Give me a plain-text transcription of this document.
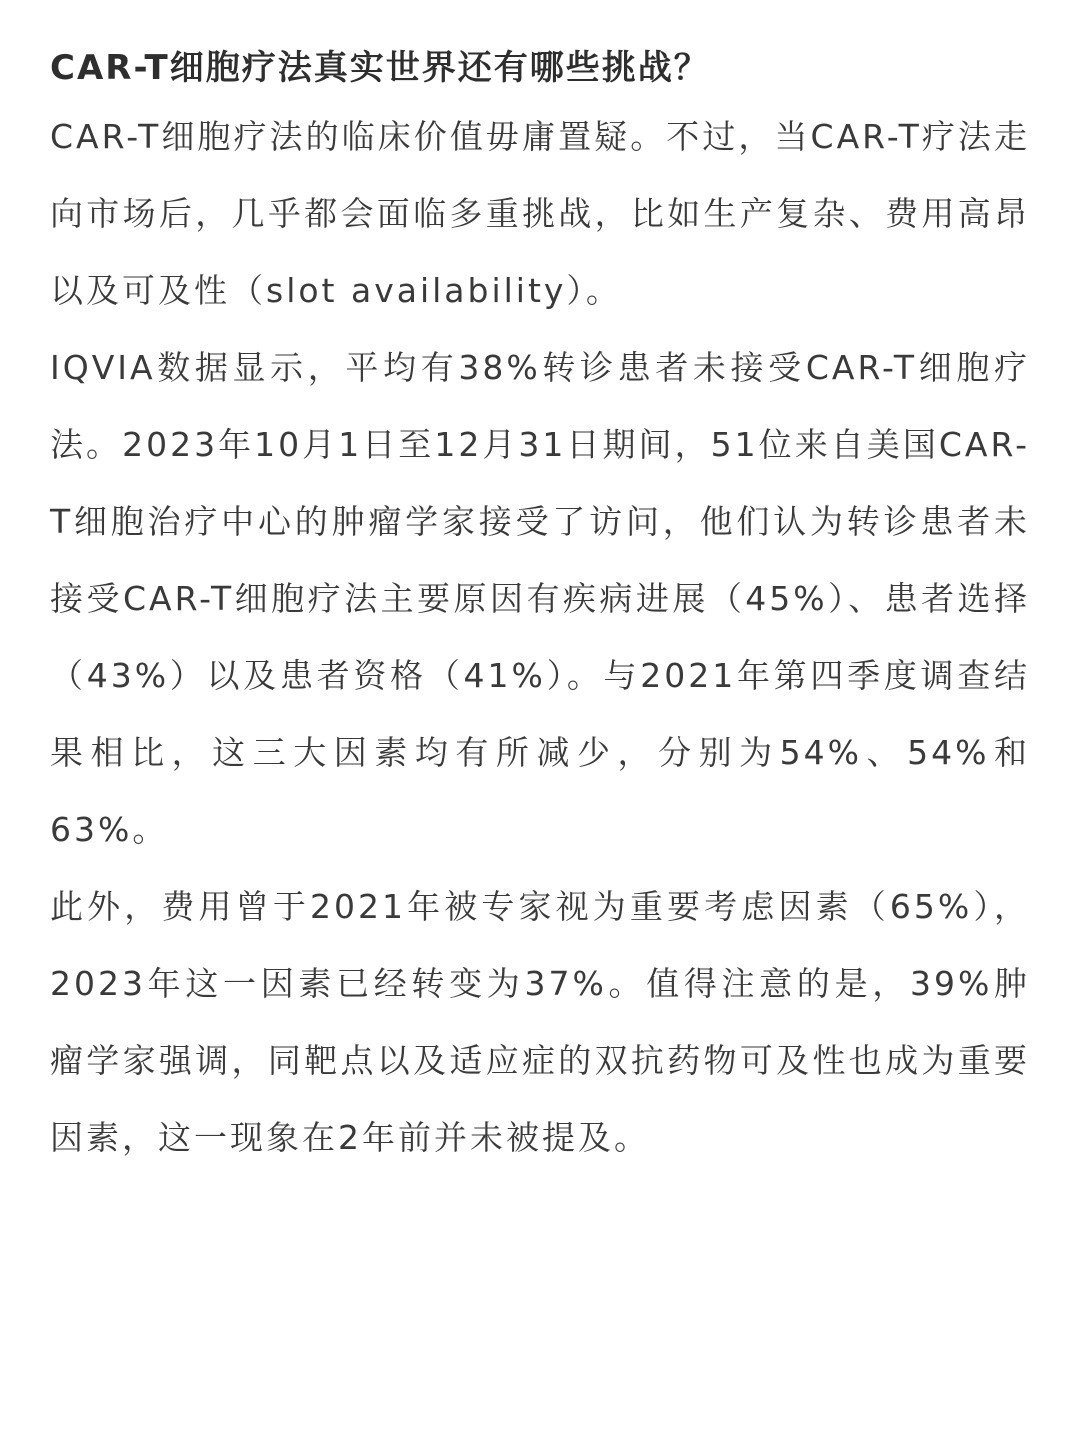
CAR-T细胞疗法真实世界还有哪些挑战？

CAR-T细胞疗法的临床价值毋庸置疑。不过，当CAR-T疗法走向市场后，几乎都会面临多重挑战，比如生产复杂、费用高昂以及可及性（slot availability）。

IQVIA数据显示，平均有38%转诊患者未接受CAR-T细胞疗法。2023年10月1日至12月31日期间，51位来自美国CAR-T细胞治疗中心的肿瘤学家接受了访问，他们认为转诊患者未接受CAR-T细胞疗法主要原因有疾病进展（45%）、患者选择（43%）以及患者资格（41%）。与2021年第四季度调查结果相比，这三大因素均有所减少，分别为54%、54%和63%。

此外，费用曾于2021年被专家视为重要考虑因素（65%），2023年这一因素已经转变为37%。值得注意的是，39%肿瘤学家强调，同靶点以及适应症的双抗药物可及性也成为重要因素，这一现象在2年前并未被提及。
